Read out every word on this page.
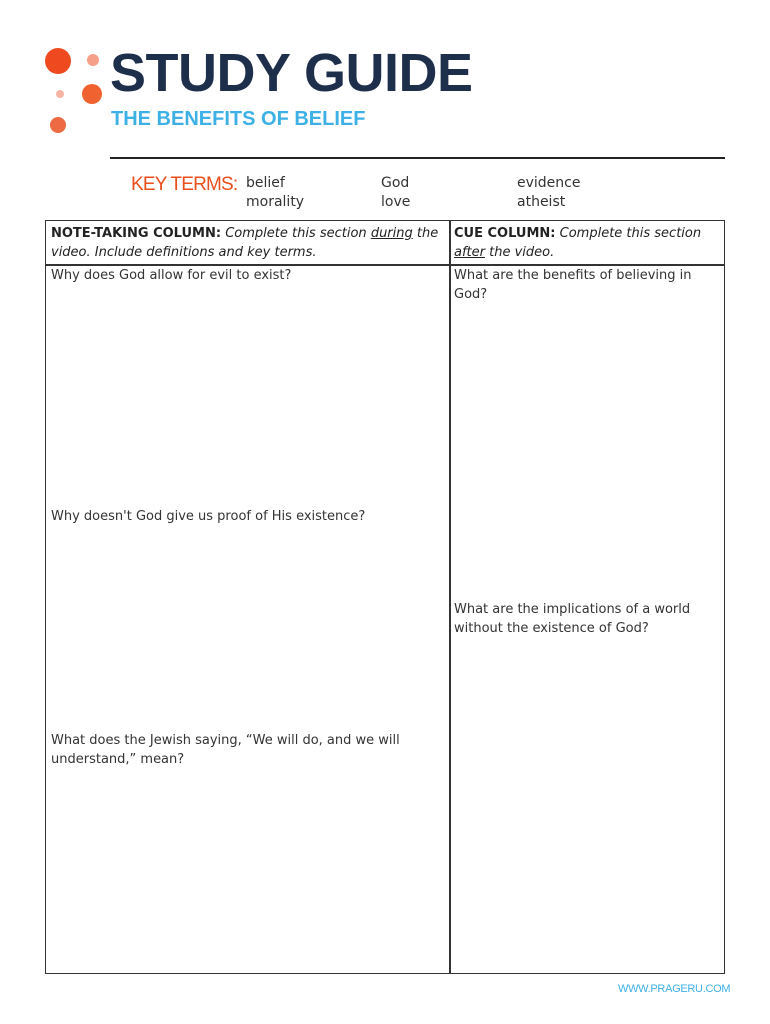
STUDY GUIDE
THE BENEFITS OF BELIEF
KEY TERMS: belief
morality
God
love
evidence
atheist
NOTE-TAKING COLUMN: Complete this section during the video. Include definitions and key terms.
CUE COLUMN: Complete this section after the video.
Why does God allow for evil to exist?
Why doesn't God give us proof of His existence?
What does the Jewish saying, “We will do, and we will understand,” mean?
What are the benefits of believing in God?
What are the implications of a world without the existence of God?
WWW.PRAGERU.COM
